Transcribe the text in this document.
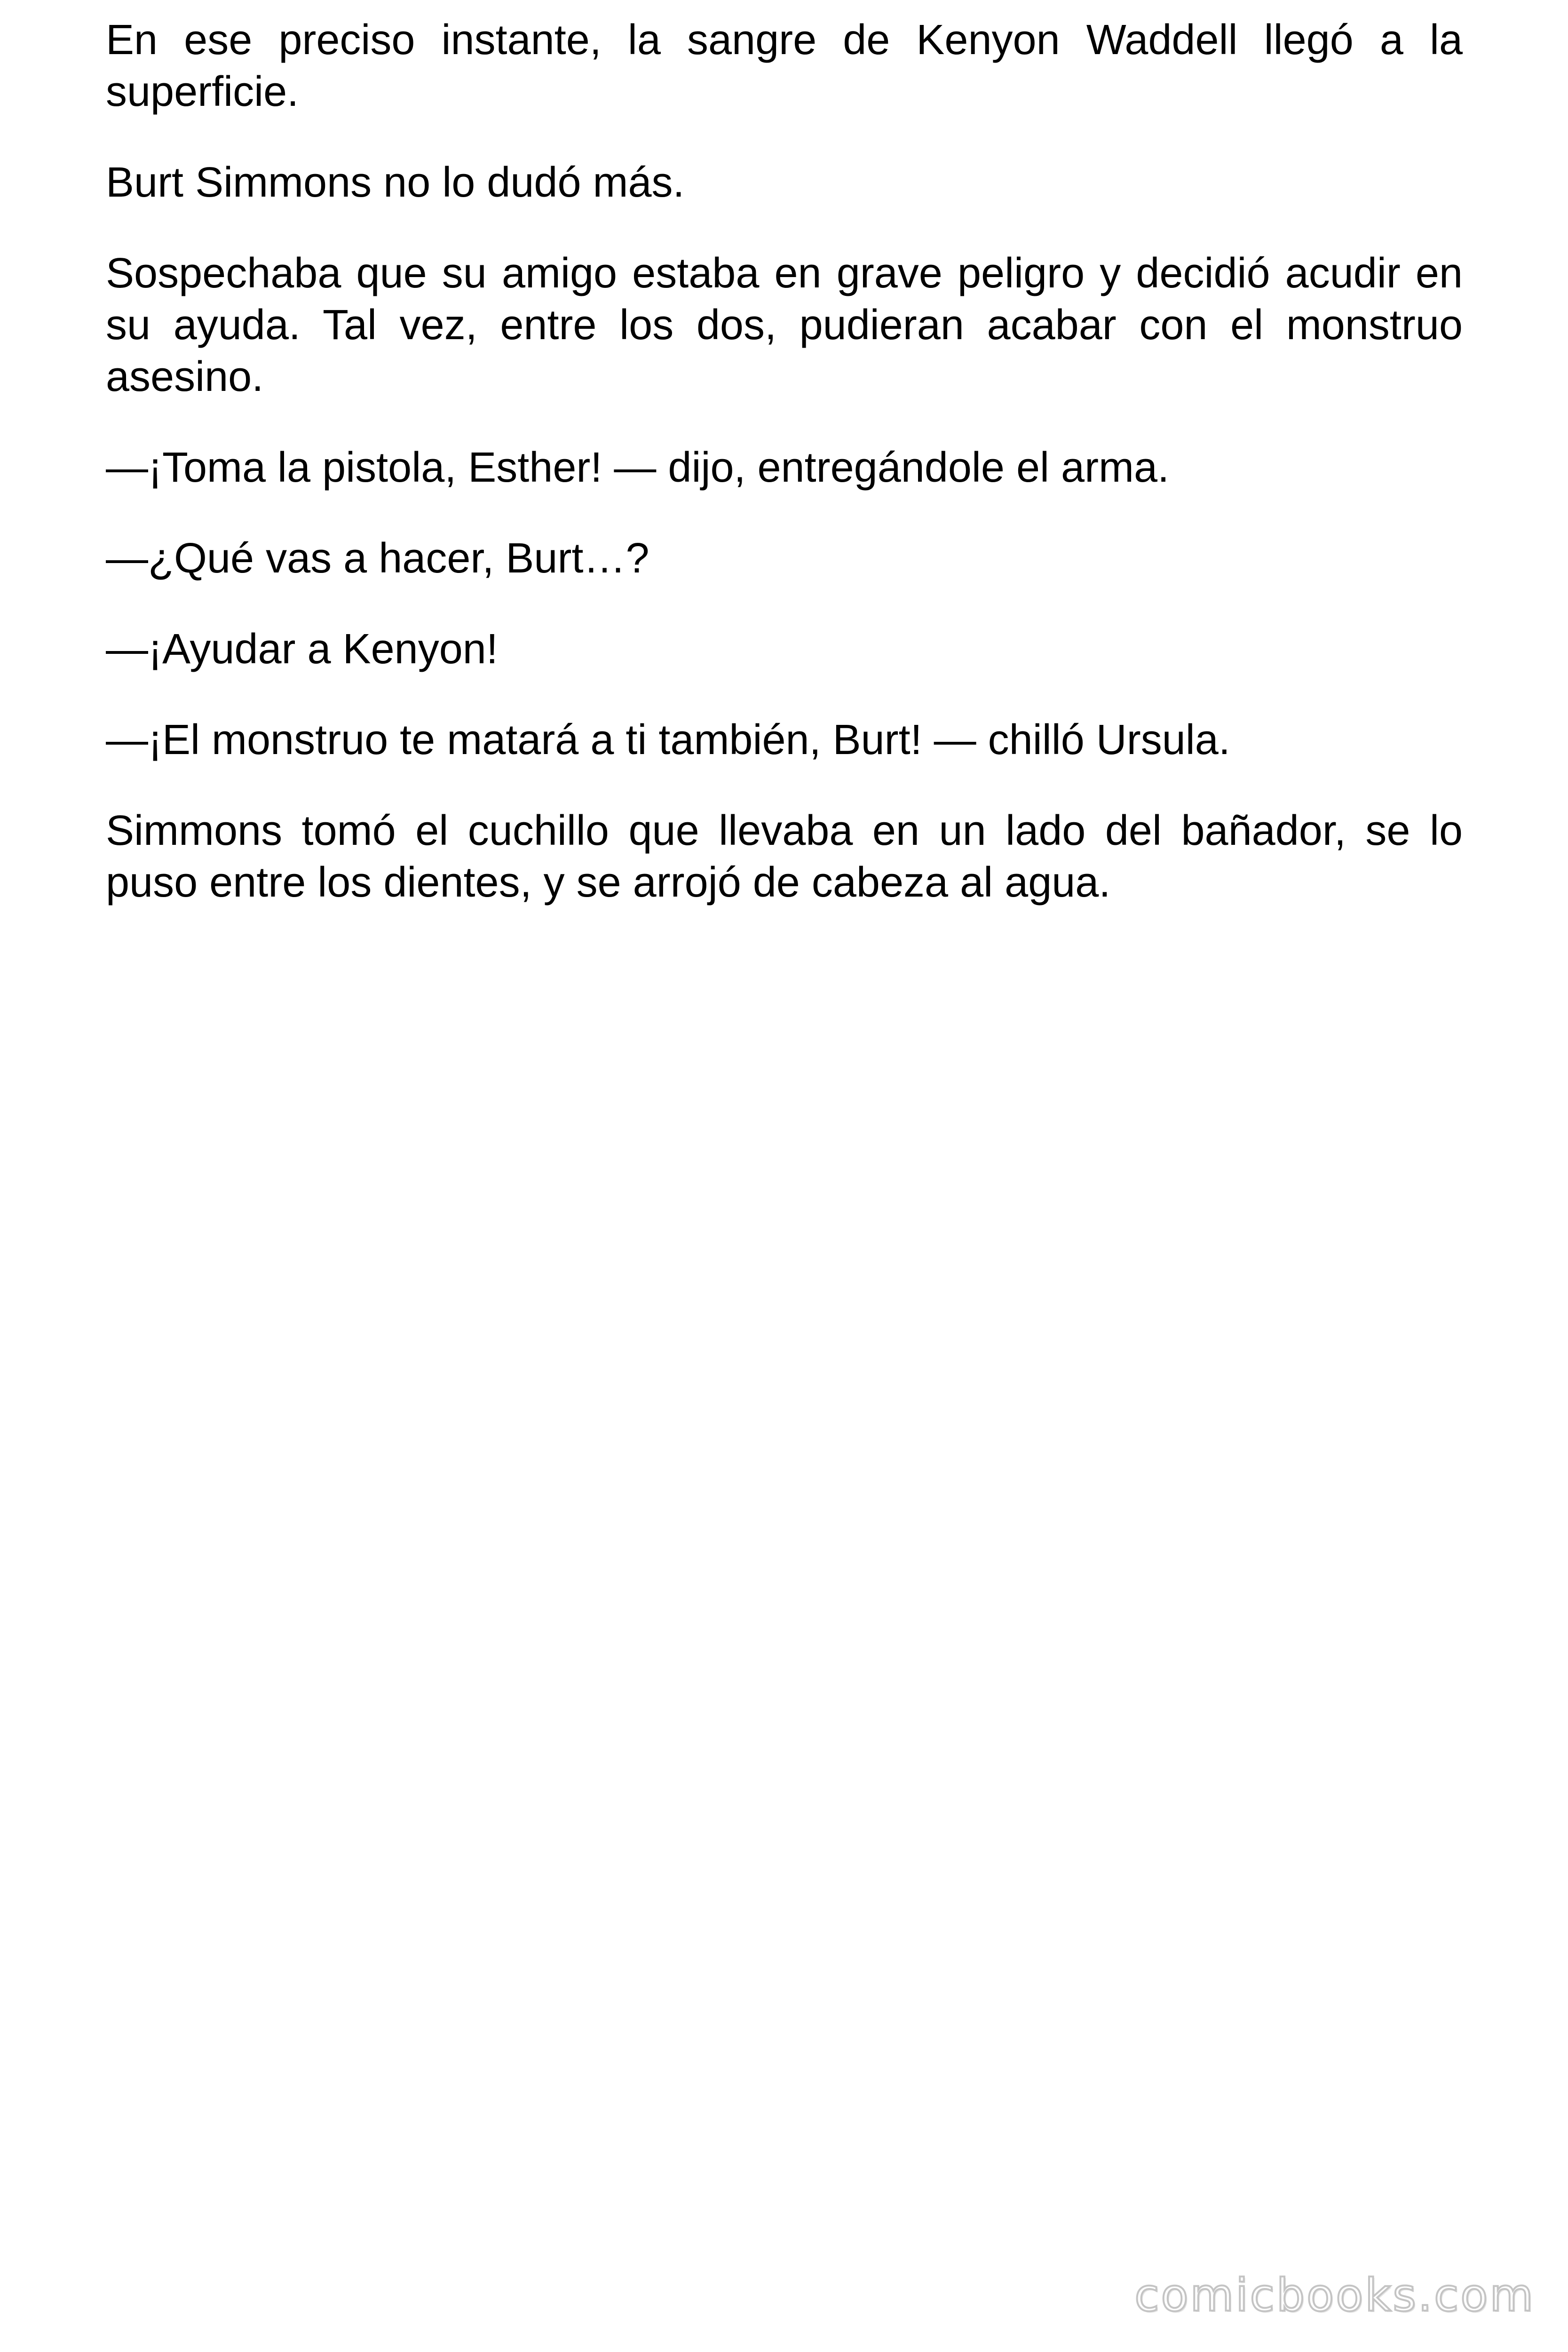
En ese preciso instante, la sangre de Kenyon Waddell llegó a la superficie.

Burt Simmons no lo dudó más.

Sospechaba que su amigo estaba en grave peligro y decidió acudir en su ayuda. Tal vez, entre los dos, pudieran acabar con el monstruo asesino.

—¡Toma la pistola, Esther! — dijo, entregándole el arma.

—¿Qué vas a hacer, Burt…?

—¡Ayudar a Kenyon!

—¡El monstruo te matará a ti también, Burt! — chilló Ursula.

Simmons tomó el cuchillo que llevaba en un lado del bañador, se lo puso entre los dientes, y se arrojó de cabeza al agua.

comicbooks.com
